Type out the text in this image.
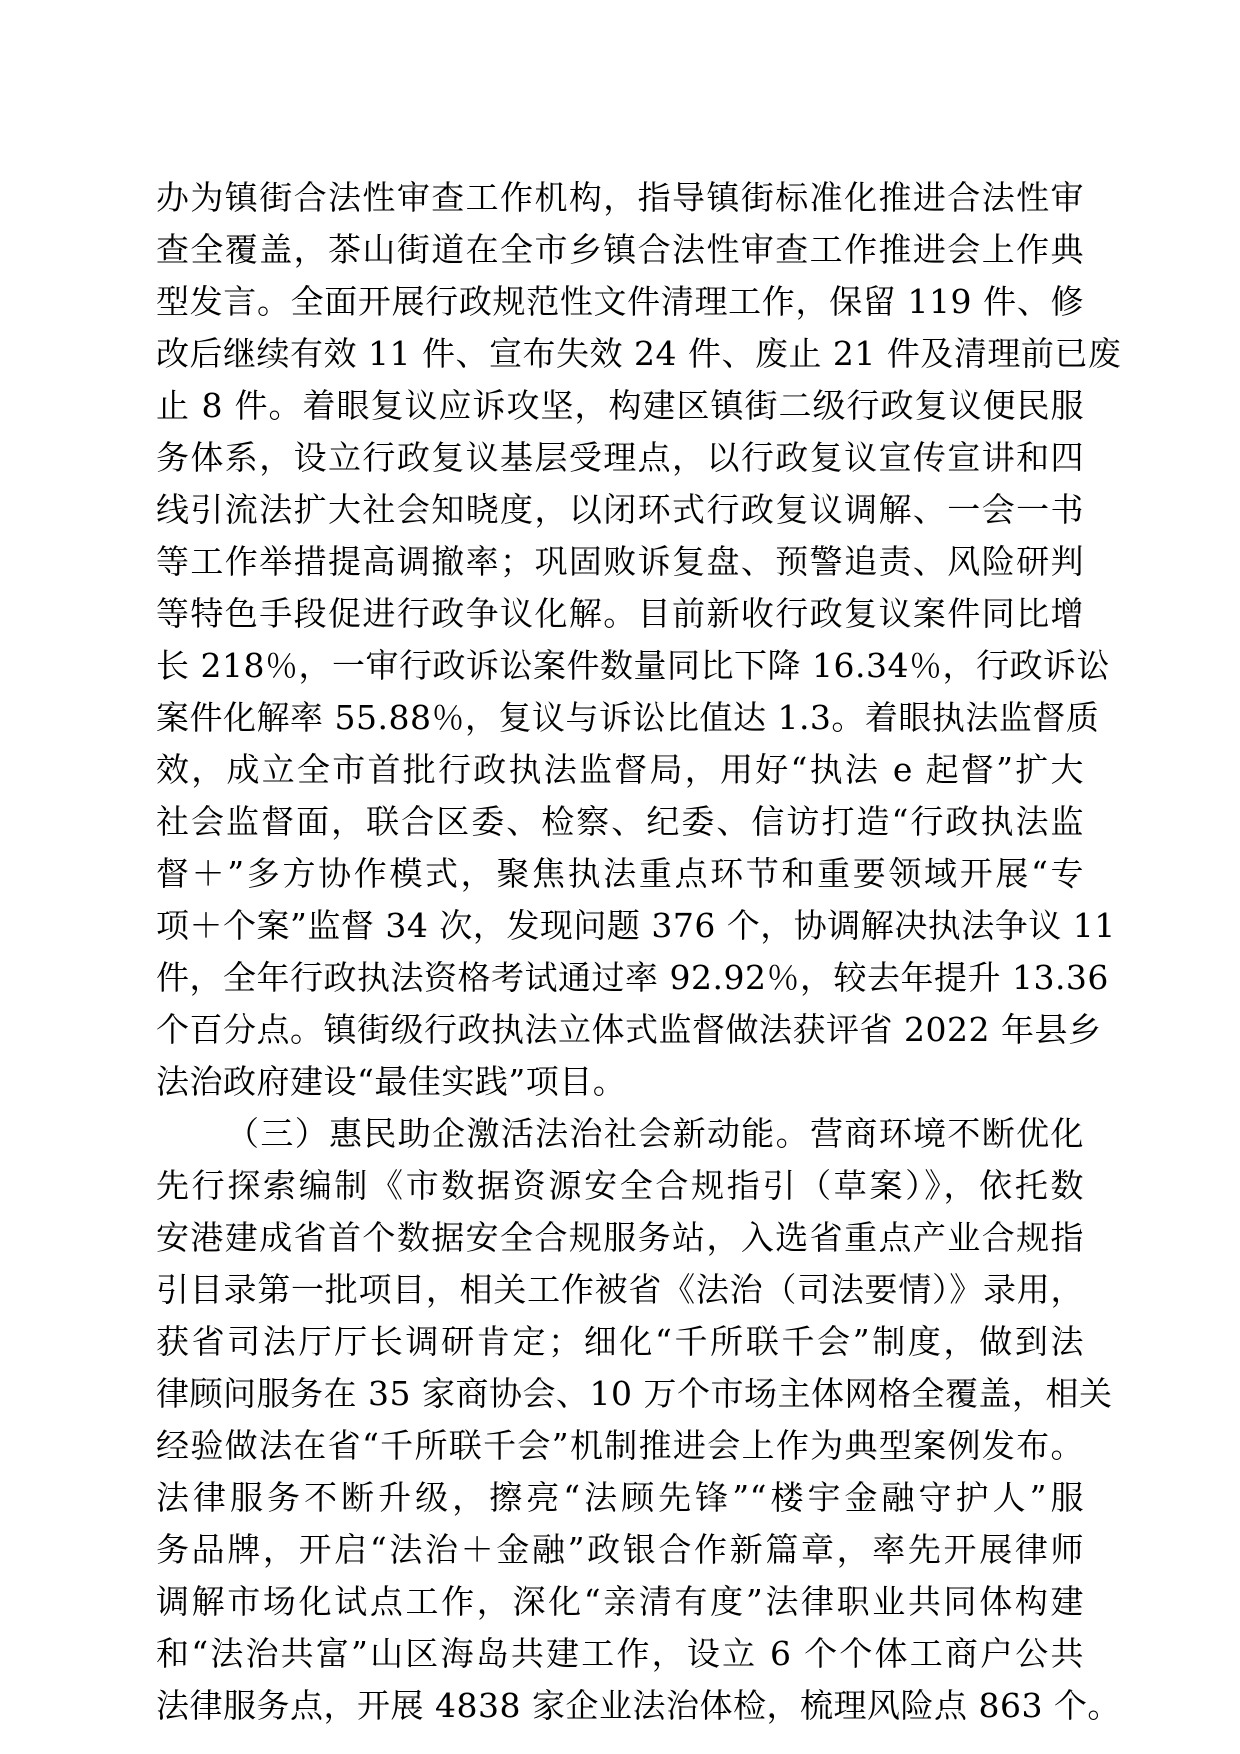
办为镇街合法性审查工作机构，指导镇街标准化推进合法性审
查全覆盖，茶山街道在全市乡镇合法性审查工作推进会上作典
型发言。全面开展行政规范性文件清理工作，保留 119 件、修
改后继续有效 11 件、宣布失效 24 件、废止 21 件及清理前已废
止 8 件。着眼复议应诉攻坚，构建区镇街二级行政复议便民服
务体系，设立行政复议基层受理点，以行政复议宣传宣讲和四
线引流法扩大社会知晓度，以闭环式行政复议调解、一会一书
等工作举措提高调撤率；巩固败诉复盘、预警追责、风险研判
等特色手段促进行政争议化解。目前新收行政复议案件同比增
长 218％，一审行政诉讼案件数量同比下降 16.34％，行政诉讼
案件化解率 55.88％，复议与诉讼比值达 1.3。着眼执法监督质
效，成立全市首批行政执法监督局，用好“执法 e 起督”扩大
社会监督面，联合区委、检察、纪委、信访打造“行政执法监
督＋”多方协作模式，聚焦执法重点环节和重要领域开展“专
项＋个案”监督 34 次，发现问题 376 个，协调解决执法争议 11
件，全年行政执法资格考试通过率 92.92％，较去年提升 13.36
个百分点。镇街级行政执法立体式监督做法获评省 2022 年县乡
法治政府建设“最佳实践”项目。
（三）惠民助企激活法治社会新动能。营商环境不断优化
先行探索编制《市数据资源安全合规指引（草案）》，依托数
安港建成省首个数据安全合规服务站，入选省重点产业合规指
引目录第一批项目，相关工作被省《法治（司法要情）》录用，
获省司法厅厅长调研肯定；细化“千所联千会”制度，做到法
律顾问服务在 35 家商协会、10 万个市场主体网格全覆盖，相关
经验做法在省“千所联千会”机制推进会上作为典型案例发布。
法律服务不断升级，擦亮“法顾先锋”“楼宇金融守护人”服
务品牌，开启“法治＋金融”政银合作新篇章，率先开展律师
调解市场化试点工作，深化“亲清有度”法律职业共同体构建
和“法治共富”山区海岛共建工作，设立 6 个个体工商户公共
法律服务点，开展 4838 家企业法治体检，梳理风险点 863 个。
